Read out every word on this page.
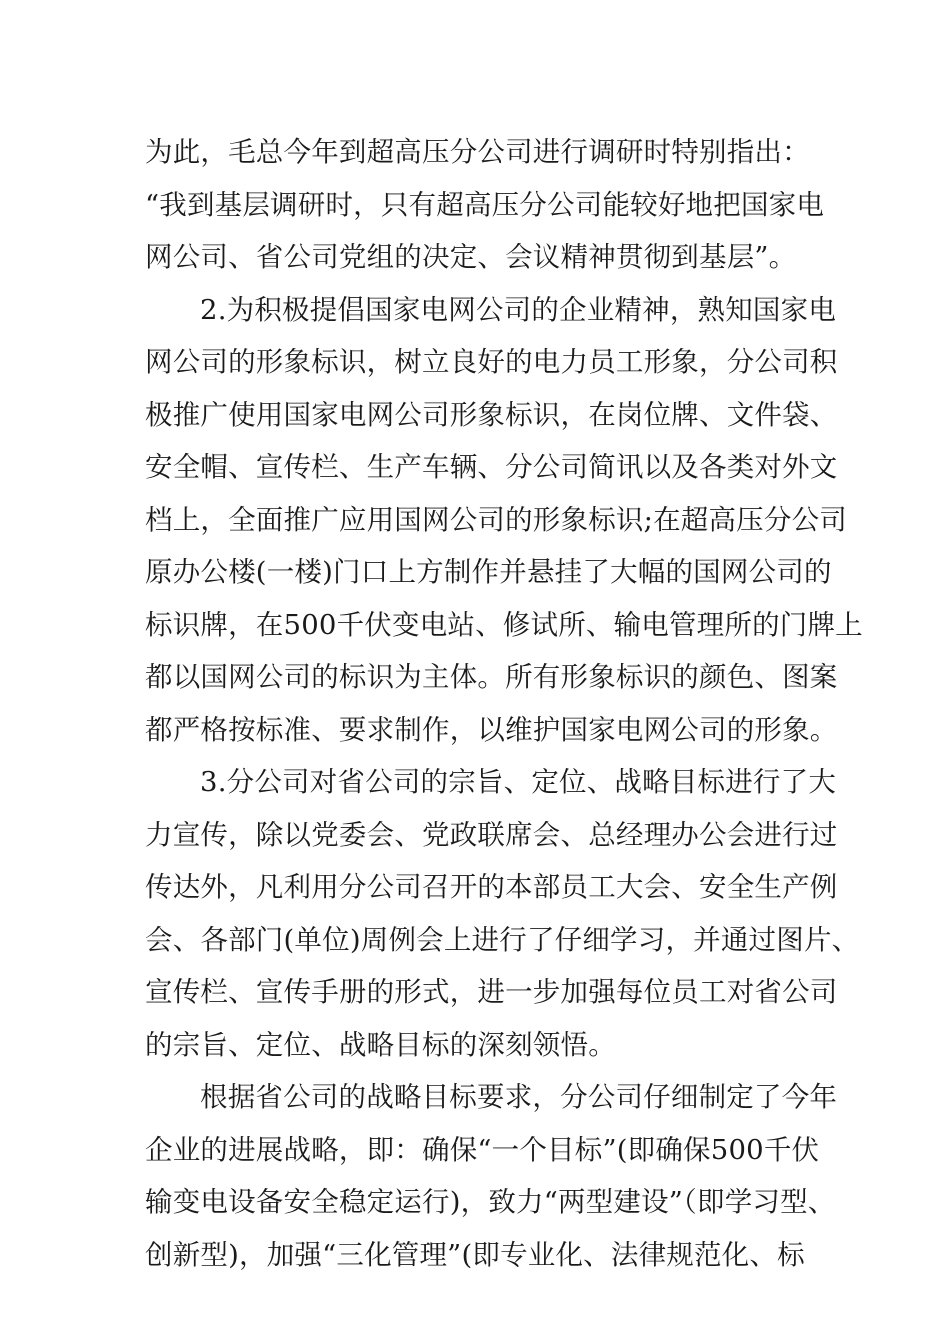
为此，毛总今年到超高压分公司进行调研时特别指出：
“我到基层调研时，只有超高压分公司能较好地把国家电
网公司、省公司党组的决定、会议精神贯彻到基层”。
2.为积极提倡国家电网公司的企业精神，熟知国家电
网公司的形象标识，树立良好的电力员工形象，分公司积
极推广使用国家电网公司形象标识，在岗位牌、文件袋、
安全帽、宣传栏、生产车辆、分公司简讯以及各类对外文
档上，全面推广应用国网公司的形象标识;在超高压分公司
原办公楼(一楼)门口上方制作并悬挂了大幅的国网公司的
标识牌，在500千伏变电站、修试所、输电管理所的门牌上
都以国网公司的标识为主体。所有形象标识的颜色、图案
都严格按标准、要求制作，以维护国家电网公司的形象。
3.分公司对省公司的宗旨、定位、战略目标进行了大
力宣传，除以党委会、党政联席会、总经理办公会进行过
传达外，凡利用分公司召开的本部员工大会、安全生产例
会、各部门(单位)周例会上进行了仔细学习，并通过图片、
宣传栏、宣传手册的形式，进一步加强每位员工对省公司
的宗旨、定位、战略目标的深刻领悟。
根据省公司的战略目标要求，分公司仔细制定了今年
企业的进展战略，即：确保“一个目标”(即确保500千伏
输变电设备安全稳定运行)，致力“两型建设”（即学习型、
创新型)，加强“三化管理”(即专业化、法律规范化、标
